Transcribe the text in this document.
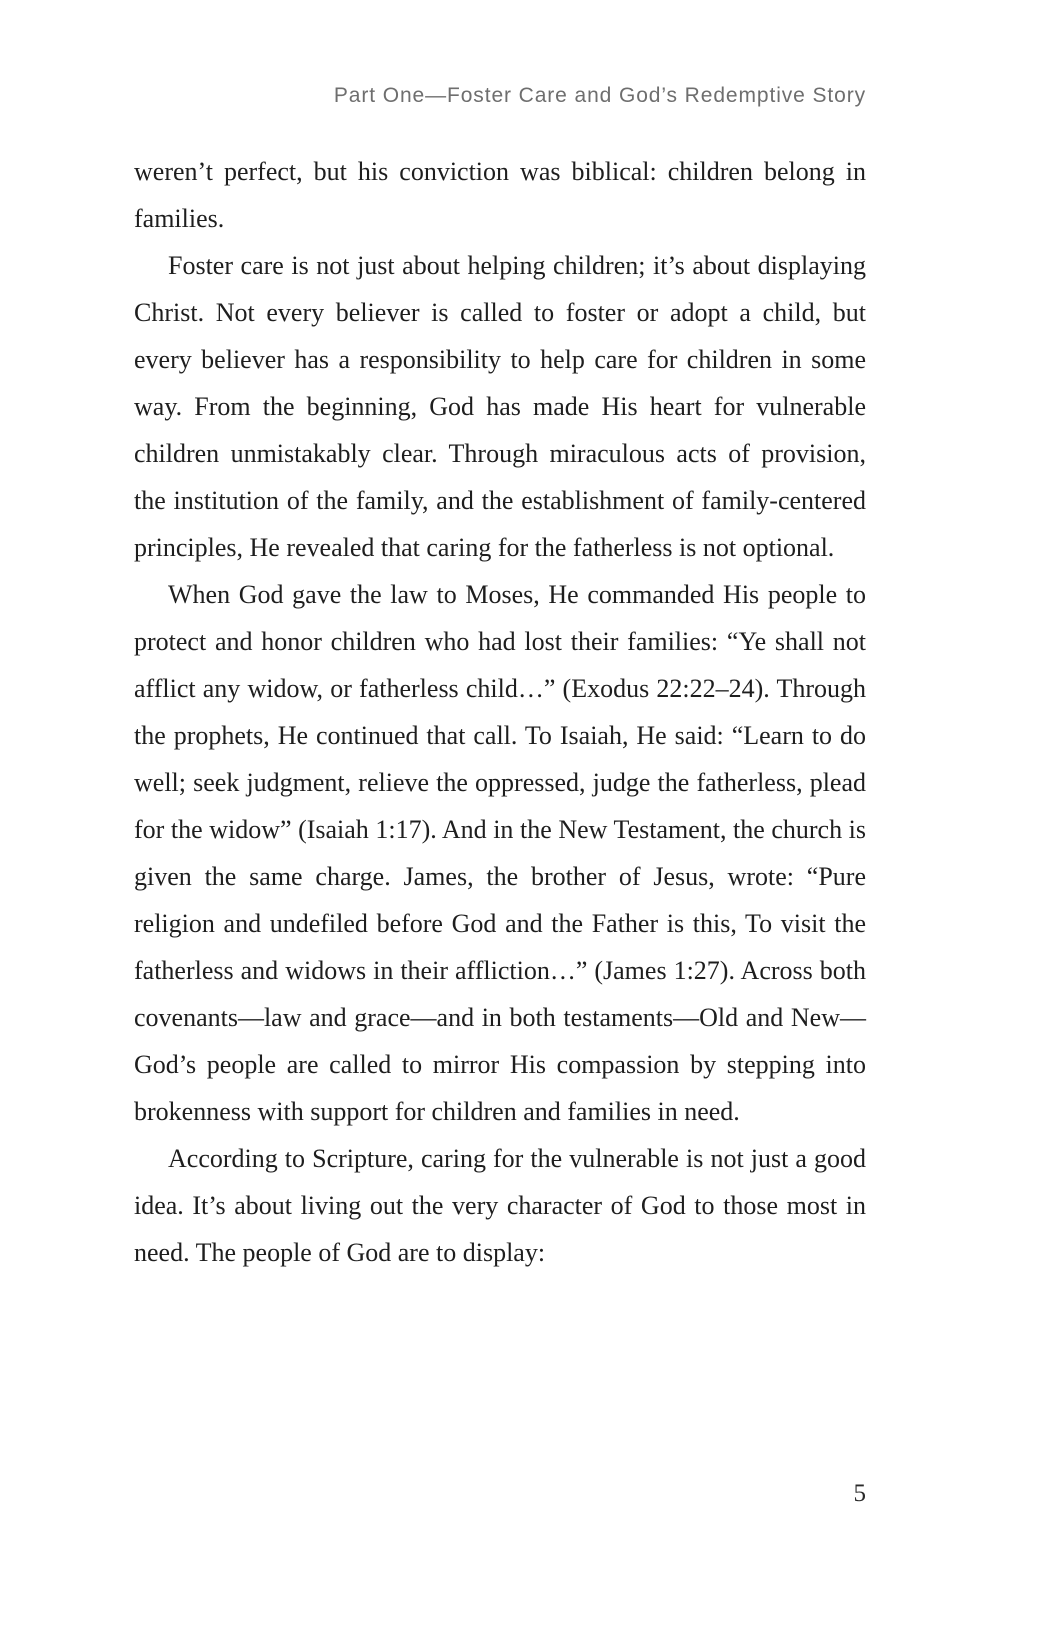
Part One—Foster Care and God’s Redemptive Story

weren’t perfect, but his conviction was biblical: children belong in families.

Foster care is not just about helping children; it’s about displaying Christ. Not every believer is called to foster or adopt a child, but every believer has a responsibility to help care for children in some way. From the beginning, God has made His heart for vulnerable children unmistakably clear. Through miraculous acts of provision, the institution of the family, and the establishment of family-centered principles, He revealed that caring for the fatherless is not optional.

When God gave the law to Moses, He commanded His people to protect and honor children who had lost their families: “Ye shall not afflict any widow, or fatherless child…” (Exodus 22:22–24). Through the prophets, He continued that call. To Isaiah, He said: “Learn to do well; seek judgment, relieve the oppressed, judge the fatherless, plead for the widow” (Isaiah 1:17). And in the New Testament, the church is given the same charge. James, the brother of Jesus, wrote: “Pure religion and undefiled before God and the Father is this, To visit the fatherless and widows in their affliction…” (James 1:27). Across both covenants—law and grace—and in both testaments—Old and New—God’s people are called to mirror His compassion by stepping into brokenness with support for children and families in need.

According to Scripture, caring for the vulnerable is not just a good idea. It’s about living out the very character of God to those most in need. The people of God are to display:

5
